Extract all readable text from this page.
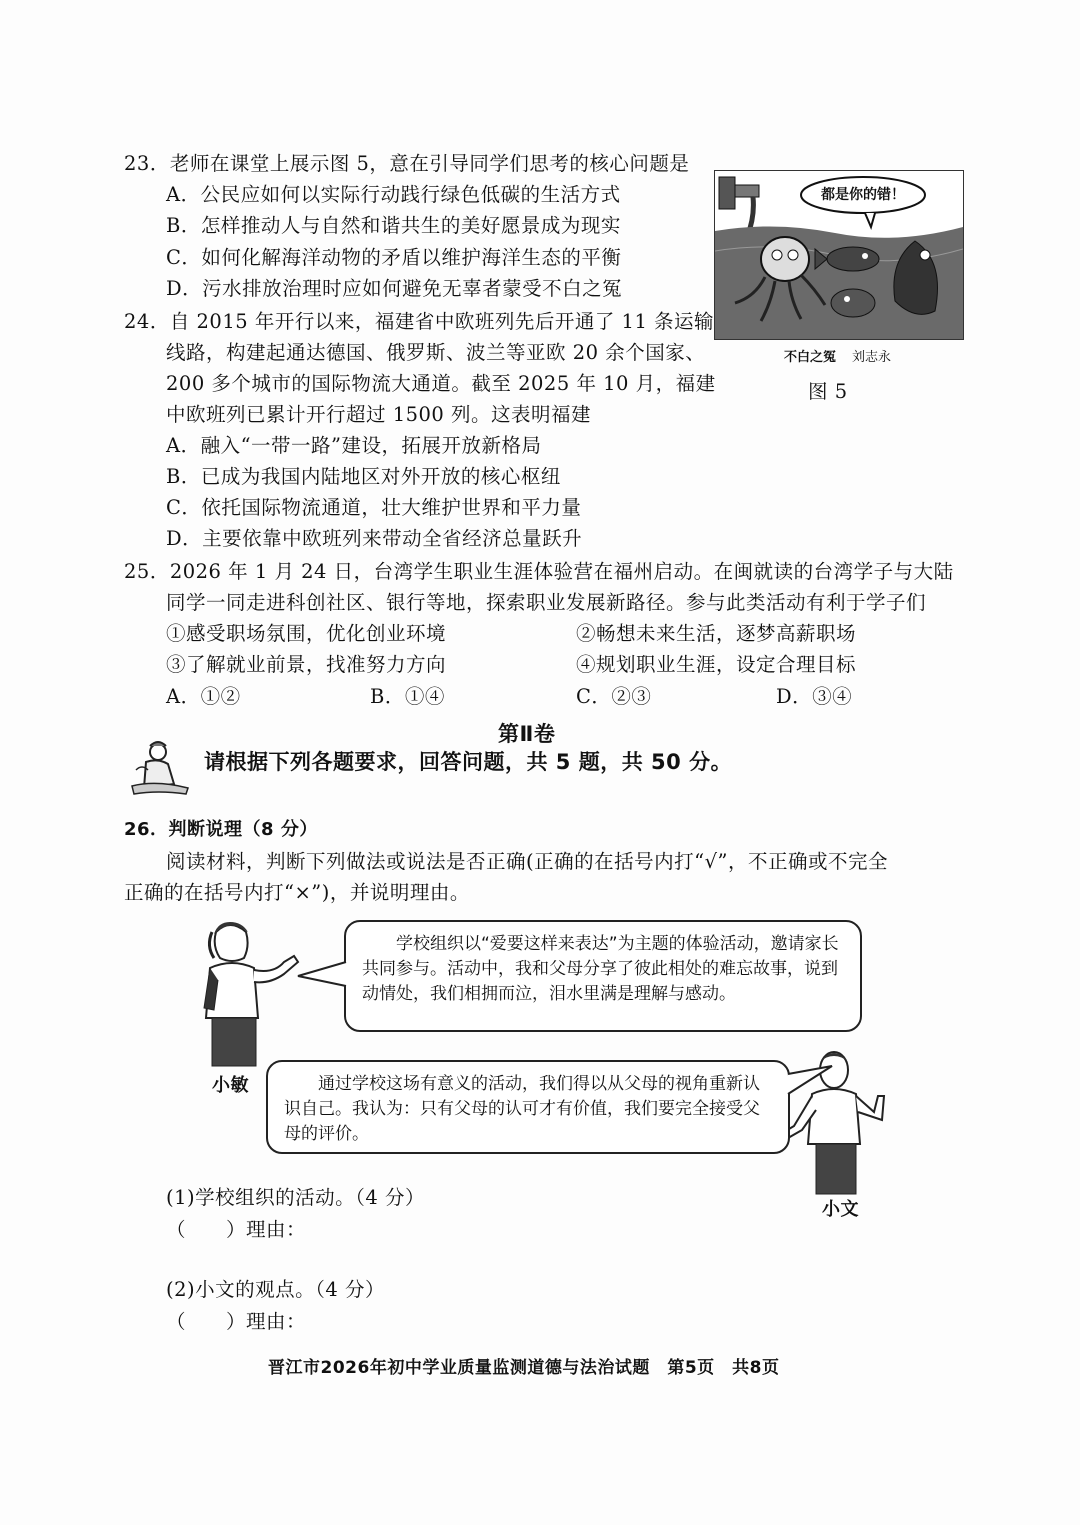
23．老师在课堂上展示图 5，意在引导同学们思考的核心问题是
A．公民应如何以实际行动践行绿色低碳的生活方式
B．怎样推动人与自然和谐共生的美好愿景成为现实
C．如何化解海洋动物的矛盾以维护海洋生态的平衡
D．污水排放治理时应如何避免无辜者蒙受不白之冤
都是你的错！
不白之冤 刘志永
图 5
24．自 2015 年开行以来，福建省中欧班列先后开通了 11 条运输
线路，构建起通达德国、俄罗斯、波兰等亚欧 20 余个国家、
200 多个城市的国际物流大通道。截至 2025 年 10 月，福建
中欧班列已累计开行超过 1500 列。这表明福建
A．融入“一带一路”建设，拓展开放新格局
B．已成为我国内陆地区对外开放的核心枢纽
C．依托国际物流通道，壮大维护世界和平力量
D．主要依靠中欧班列来带动全省经济总量跃升
25．2026 年 1 月 24 日，台湾学生职业生涯体验营在福州启动。在闽就读的台湾学子与大陆
同学一同走进科创社区、银行等地，探索职业发展新路径。参与此类活动有利于学子们
①感受职场氛围，优化创业环境	②畅想未来生活，逐梦高薪职场
③了解就业前景，找准努力方向	④规划职业生涯，设定合理目标
A．①②	B．①④	C．②③	D．③④
第Ⅱ卷
请根据下列各题要求，回答问题，共 5 题，共 50 分。
26．判断说理（8 分）
阅读材料，判断下列做法或说法是否正确(正确的在括号内打“√”，不正确或不完全
正确的在括号内打“×”)，并说明理由。
小敏
学校组织以“爱要这样来表达”为主题的体验活动，邀请家长共同参与。活动中，我和父母分享了彼此相处的难忘故事，说到动情处，我们相拥而泣，泪水里满是理解与感动。
小文
通过学校这场有意义的活动，我们得以从父母的视角重新认识自己。我认为：只有父母的认可才有价值，我们要完全接受父母的评价。
(1)学校组织的活动。（4 分）
（　　）理由：
(2)小文的观点。（4 分）
（　　）理由：
晋江市2026年初中学业质量监测道德与法治试题　第5页　共8页
